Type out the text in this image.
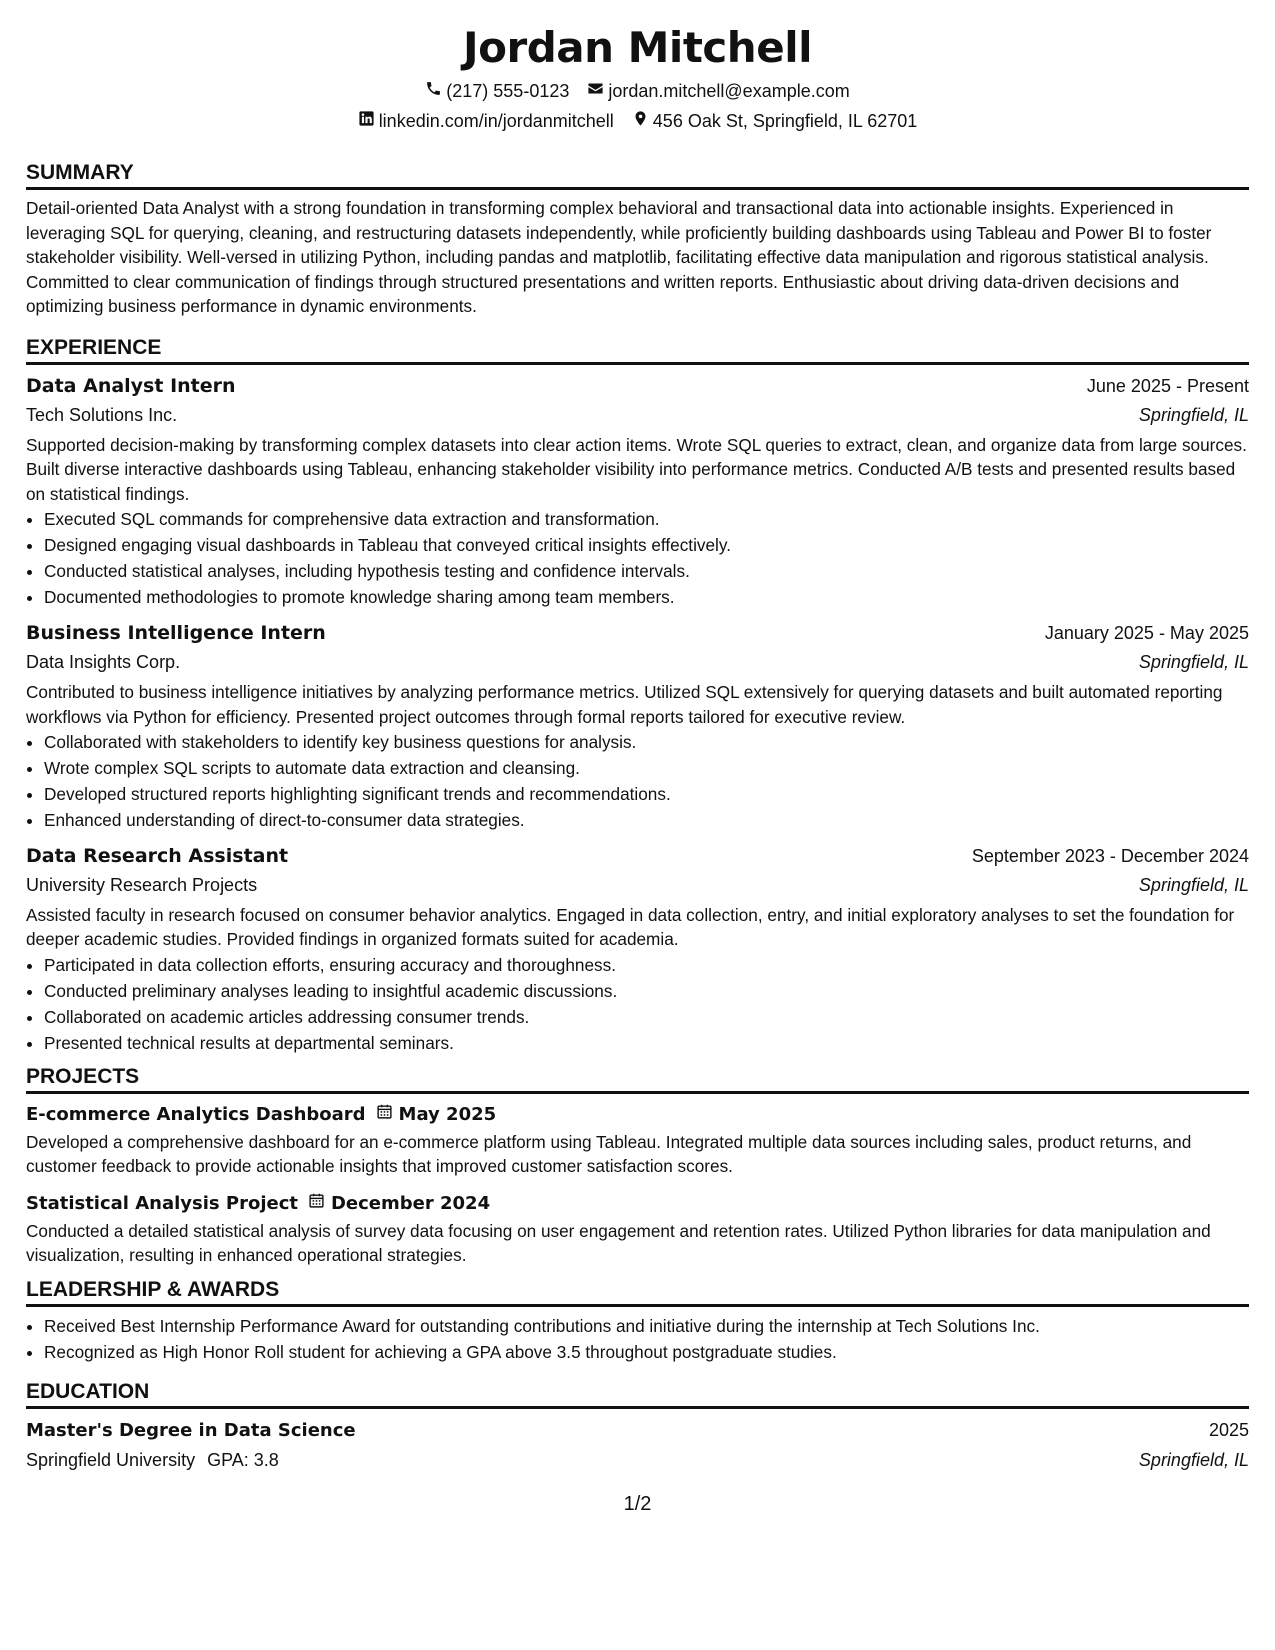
Jordan Mitchell
(217) 555-0123 jordan.mitchell@example.com
linkedin.com/in/jordanmitchell 456 Oak St, Springfield, IL 62701
SUMMARY
Detail-oriented Data Analyst with a strong foundation in transforming complex behavioral and transactional data into actionable insights. Experienced in leveraging SQL for querying, cleaning, and restructuring datasets independently, while proficiently building dashboards using Tableau and Power BI to foster stakeholder visibility. Well-versed in utilizing Python, including pandas and matplotlib, facilitating effective data manipulation and rigorous statistical analysis. Committed to clear communication of findings through structured presentations and written reports. Enthusiastic about driving data-driven decisions and optimizing business performance in dynamic environments.
EXPERIENCE
Data Analyst Intern	June 2025 - Present
Tech Solutions Inc.	Springfield, IL
Supported decision-making by transforming complex datasets into clear action items. Wrote SQL queries to extract, clean, and organize data from large sources. Built diverse interactive dashboards using Tableau, enhancing stakeholder visibility into performance metrics. Conducted A/B tests and presented results based on statistical findings.
• Executed SQL commands for comprehensive data extraction and transformation.
• Designed engaging visual dashboards in Tableau that conveyed critical insights effectively.
• Conducted statistical analyses, including hypothesis testing and confidence intervals.
• Documented methodologies to promote knowledge sharing among team members.
Business Intelligence Intern	January 2025 - May 2025
Data Insights Corp.	Springfield, IL
Contributed to business intelligence initiatives by analyzing performance metrics. Utilized SQL extensively for querying datasets and built automated reporting workflows via Python for efficiency. Presented project outcomes through formal reports tailored for executive review.
• Collaborated with stakeholders to identify key business questions for analysis.
• Wrote complex SQL scripts to automate data extraction and cleansing.
• Developed structured reports highlighting significant trends and recommendations.
• Enhanced understanding of direct-to-consumer data strategies.
Data Research Assistant	September 2023 - December 2024
University Research Projects	Springfield, IL
Assisted faculty in research focused on consumer behavior analytics. Engaged in data collection, entry, and initial exploratory analyses to set the foundation for deeper academic studies. Provided findings in organized formats suited for academia.
• Participated in data collection efforts, ensuring accuracy and thoroughness.
• Conducted preliminary analyses leading to insightful academic discussions.
• Collaborated on academic articles addressing consumer trends.
• Presented technical results at departmental seminars.
PROJECTS
E-commerce Analytics Dashboard May 2025
Developed a comprehensive dashboard for an e-commerce platform using Tableau. Integrated multiple data sources including sales, product returns, and customer feedback to provide actionable insights that improved customer satisfaction scores.
Statistical Analysis Project December 2024
Conducted a detailed statistical analysis of survey data focusing on user engagement and retention rates. Utilized Python libraries for data manipulation and visualization, resulting in enhanced operational strategies.
LEADERSHIP & AWARDS
• Received Best Internship Performance Award for outstanding contributions and initiative during the internship at Tech Solutions Inc.
• Recognized as High Honor Roll student for achieving a GPA above 3.5 throughout postgraduate studies.
EDUCATION
Master's Degree in Data Science	2025
Springfield University GPA: 3.8	Springfield, IL
1/2
